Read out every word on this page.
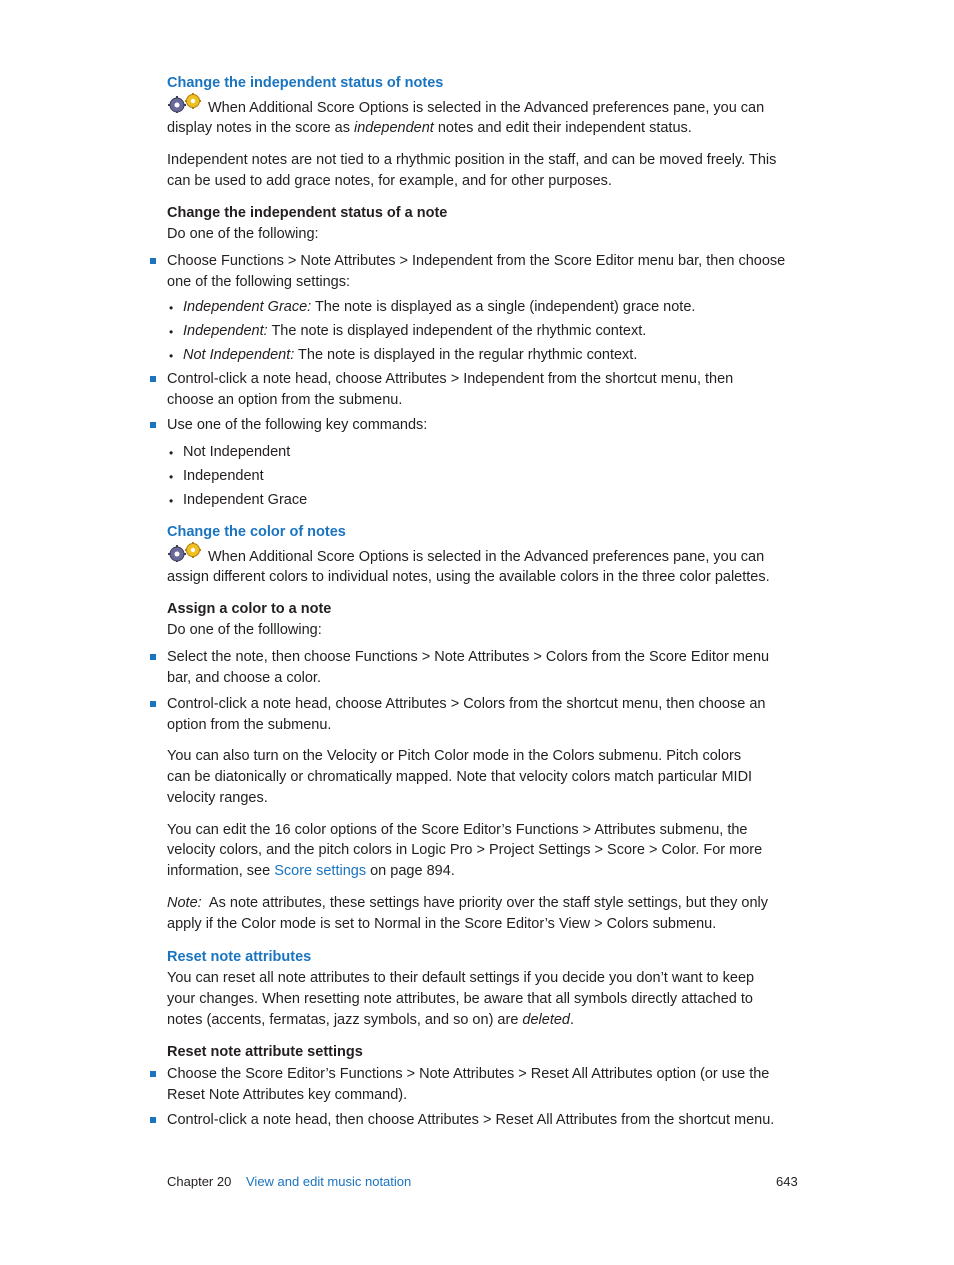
Change the independent status of notes
When Additional Score Options is selected in the Advanced preferences pane, you can
display notes in the score as independent notes and edit their independent status.
Independent notes are not tied to a rhythmic position in the staff, and can be moved freely. This
can be used to add grace notes, for example, and for other purposes.
Change the independent status of a note
Do one of the following:
Choose Functions > Note Attributes > Independent from the Score Editor menu bar, then choose
one of the following settings:
• Independent Grace: The note is displayed as a single (independent) grace note.
• Independent: The note is displayed independent of the rhythmic context.
• Not Independent: The note is displayed in the regular rhythmic context.
Control-click a note head, choose Attributes > Independent from the shortcut menu, then
choose an option from the submenu.
Use one of the following key commands:
• Not Independent
• Independent
• Independent Grace
Change the color of notes
When Additional Score Options is selected in the Advanced preferences pane, you can
assign different colors to individual notes, using the available colors in the three color palettes.
Assign a color to a note
Do one of the folllowing:
Select the note, then choose Functions > Note Attributes > Colors from the Score Editor menu
bar, and choose a color.
Control-click a note head, choose Attributes > Colors from the shortcut menu, then choose an
option from the submenu.
You can also turn on the Velocity or Pitch Color mode in the Colors submenu. Pitch colors
can be diatonically or chromatically mapped. Note that velocity colors match particular MIDI
velocity ranges.
You can edit the 16 color options of the Score Editor’s Functions > Attributes submenu, the
velocity colors, and the pitch colors in Logic Pro > Project Settings > Score > Color. For more
information, see Score settings on page 894.
Note:  As note attributes, these settings have priority over the staff style settings, but they only
apply if the Color mode is set to Normal in the Score Editor’s View > Colors submenu.
Reset note attributes
You can reset all note attributes to their default settings if you decide you don’t want to keep
your changes. When resetting note attributes, be aware that all symbols directly attached to
notes (accents, fermatas, jazz symbols, and so on) are deleted.
Reset note attribute settings
Choose the Score Editor’s Functions > Note Attributes > Reset All Attributes option (or use the
Reset Note Attributes key command).
Control-click a note head, then choose Attributes > Reset All Attributes from the shortcut menu.
Chapter 20 View and edit music notation	643
